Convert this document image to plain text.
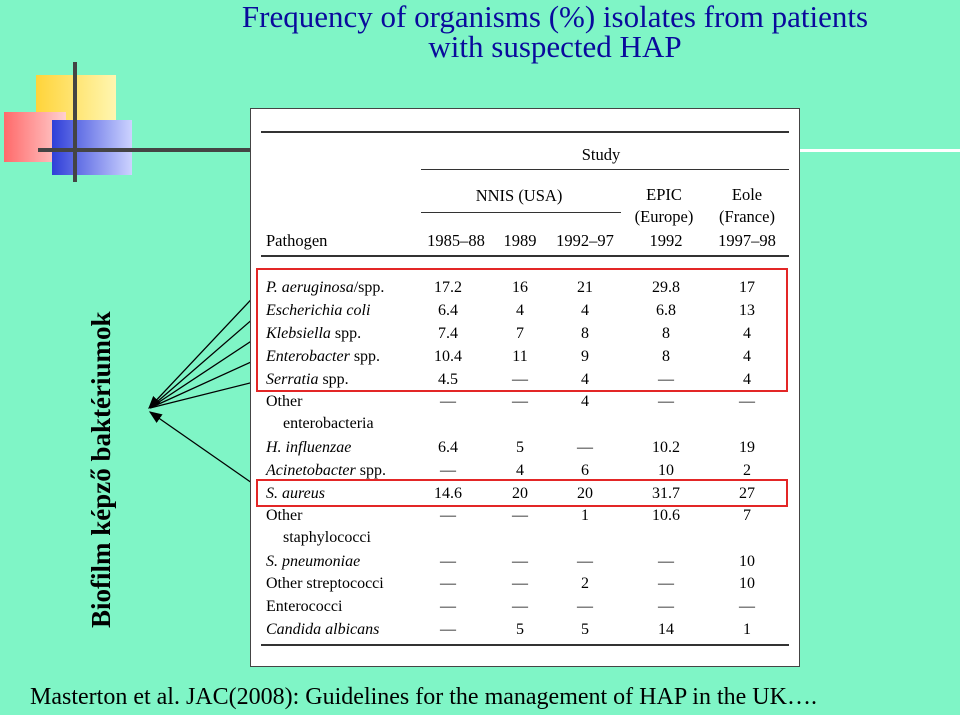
Frequency of organisms (%) isolates from patients
with suspected HAP
Biofilm képző baktériumok
Study
NNIS (USA)	EPIC
(Europe)
Eole
(France)
Pathogen	1985–88 1989 1992–97 1992 1997–98
P. aeruginosa/spp.	17.2	16	21	29.8	17
Escherichia coli	6.4	4	4	6.8	13
Klebsiella spp.	7.4	7	8	8	4
Enterobacter spp.	10.4	11	9	8	4
Serratia spp.	4.5	—	4	—	4
Other
enterobacteria
—	—	4	—	—
H. influenzae	6.4	5	—	10.2	19
Acinetobacter spp.	—	4	6	10	2
S. aureus	14.6	20	20	31.7	27
Other
staphylococci
—	—	1	10.6	7
S. pneumoniae	—	—	—	—	10
Other streptococci	—	—	2	—	10
Enterococci	—	—	—	—	—
Candida albicans	—	5	5	14	1
Masterton et al. JAC(2008): Guidelines for the management of HAP in the UK….
